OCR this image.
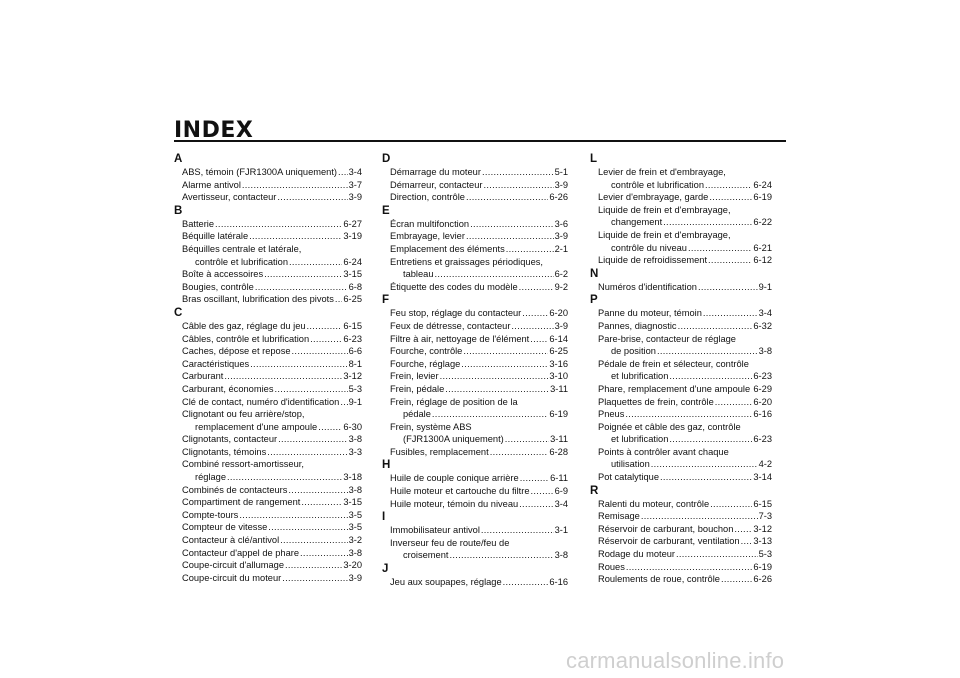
INDEX
A
ABS, témoin (FJR1300A uniquement) ..... 3-4
Alarme antivol .....	3-7
Avertisseur, contacteur .....	3-9
B
Batterie .....	6-27
Béquille latérale .....	3-19
Béquilles centrale et latérale,
contrôle et lubrification .....	6-24
Boîte à accessoires .....	3-15
Bougies, contrôle .....	6-8
Bras oscillant, lubrification des pivots ..... 6-25
C
Câble des gaz, réglage du jeu .....	6-15
Câbles, contrôle et lubrification .....	6-23
Caches, dépose et repose .....	6-6
Caractéristiques .....	8-1
Carburant .....	3-12
Carburant, économies .....	5-3
Clé de contact, numéro d'identification ..... 9-1
Clignotant ou feu arrière/stop,
remplacement d'une ampoule .....	6-30
Clignotants, contacteur .....	3-8
Clignotants, témoins .....	3-3
Combiné ressort-amortisseur,
réglage .....	3-18
Combinés de contacteurs .....	3-8
Compartiment de rangement .....	3-15
Compte-tours .....	3-5
Compteur de vitesse .....	3-5
Contacteur à clé/antivol .....	3-2
Contacteur d'appel de phare .....	3-8
Coupe-circuit d'allumage .....	3-20
Coupe-circuit du moteur .....	3-9
D
Démarrage du moteur .....	5-1
Démarreur, contacteur .....	3-9
Direction, contrôle .....	6-26
E
Écran multifonction .....	3-6
Embrayage, levier .....	3-9
Emplacement des éléments .....	2-1
Entretiens et graissages périodiques,
tableau .....	6-2
Étiquette des codes du modèle .....	9-2
F
Feu stop, réglage du contacteur .....	6-20
Feux de détresse, contacteur .....	3-9
Filtre à air, nettoyage de l'élément ..... 6-14
Fourche, contrôle .....	6-25
Fourche, réglage .....	3-16
Frein, levier .....	3-10
Frein, pédale .....	3-11
Frein, réglage de position de la
pédale .....	6-19
Frein, système ABS
(FJR1300A uniquement) .....	3-11
Fusibles, remplacement .....	6-28
H
Huile de couple conique arrière .....	6-11
Huile moteur et cartouche du filtre .....	6-9
Huile moteur, témoin du niveau .....	3-4
I
Immobilisateur antivol .....	3-1
Inverseur feu de route/feu de
croisement .....	3-8
J
Jeu aux soupapes, réglage .....	6-16
L
Levier de frein et d'embrayage,
contrôle et lubrification .....	6-24
Levier d'embrayage, garde .....	6-19
Liquide de frein et d'embrayage,
changement .....	6-22
Liquide de frein et d'embrayage,
contrôle du niveau .....	6-21
Liquide de refroidissement .....	6-12
N
Numéros d'identification .....	9-1
P
Panne du moteur, témoin .....	3-4
Pannes, diagnostic .....	6-32
Pare-brise, contacteur de réglage
de position .....	3-8
Pédale de frein et sélecteur, contrôle
et lubrification .....	6-23
Phare, remplacement d'une ampoule ..... 6-29
Plaquettes de frein, contrôle .....	6-20
Pneus .....	6-16
Poignée et câble des gaz, contrôle
et lubrification .....	6-23
Points à contrôler avant chaque
utilisation .....	4-2
Pot catalytique .....	3-14
R
Ralenti du moteur, contrôle .....	6-15
Remisage .....	7-3
Réservoir de carburant, bouchon ..... 3-12
Réservoir de carburant, ventilation ..... 3-13
Rodage du moteur .....	5-3
Roues .....	6-19
Roulements de roue, contrôle .....	6-26
carmanualsonline.info
